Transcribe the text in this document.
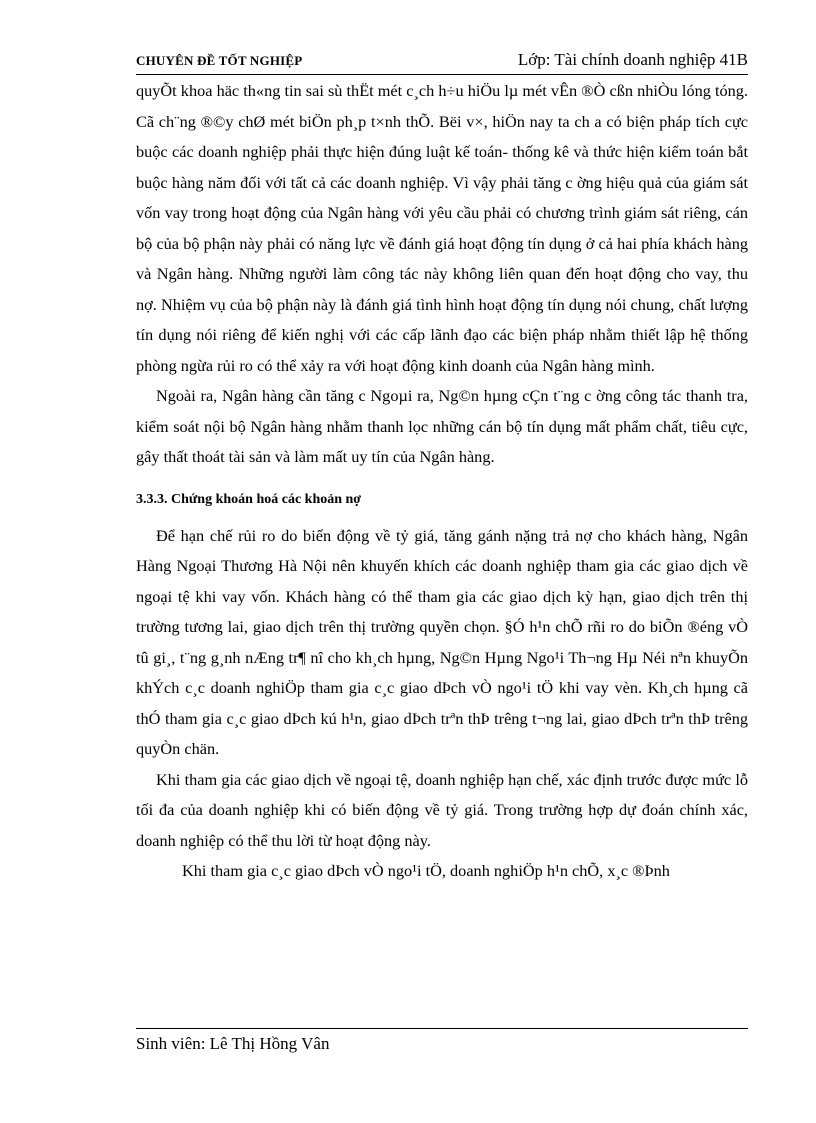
CHUYÊN ĐỀ TỐT NGHIỆP	Lớp: Tài chính doanh nghiệp 41B

quyÕt khoa häc th«ng tin sai sù thËt mét c¸ch h÷u hiÖu lµ mét vÊn ®Ò cßn nhiÒu lóng tóng. Cã ch¨ng ®©y chØ mét biÖn ph¸p t×nh thÕ. Bëi v×, hiÖn nay ta ch a có biện pháp tích cực buộc các doanh nghiệp phải thực hiện đúng luật kế toán- thống kê và thức hiện kiểm toán bắt buộc hàng năm đối với tất cả các doanh nghiệp. Vì vậy phải tăng c ờng hiệu quả của giám sát vốn vay trong hoạt động của Ngân hàng với yêu cầu phải có chương trình giám sát riêng, cán bộ của bộ phận này phải có năng lực về đánh giá hoạt động tín dụng ở cả hai phía khách hàng và Ngân hàng. Những người làm công tác này không liên quan đến hoạt động cho vay, thu nợ. Nhiệm vụ của bộ phận này là đánh giá tình hình hoạt động tín dụng nói chung, chất lượng tín dụng nói riêng để kiến nghị với các cấp lãnh đạo các biện pháp nhằm thiết lập hệ thống phòng ngừa rủi ro có thể xảy ra với hoạt động kinh doanh của Ngân hàng mình.

Ngoài ra, Ngân hàng cần tăng c Ngoµi ra, Ng©n hµng cÇn t¨ng c ờng công tác thanh tra, kiểm soát nội bộ Ngân hàng nhằm thanh lọc những cán bộ tín dụng mất phẩm chất, tiêu cực, gây thất thoát tài sản và làm mất uy tín của Ngân hàng.

3.3.3. Chứng khoán hoá các khoản nợ

Để hạn chế rủi ro do biến động về tỷ giá, tăng gánh nặng trả nợ cho khách hàng, Ngân Hàng Ngoại Thương Hà Nội nên khuyến khích các doanh nghiệp tham gia các giao dịch về ngoại tệ khi vay vốn. Khách hàng có thể tham gia các giao dịch kỳ hạn, giao dịch trên thị trường tương lai, giao dịch trên thị trường quyền chọn. §Ó h¹n chÕ rñi ro do biÕn ®éng vÒ tû gi¸, t¨ng g¸nh nÆng tr¶ nî cho kh¸ch hµng, Ng©n Hµng Ngo¹i Th¬ng Hµ Néi nªn khuyÕn khÝch c¸c doanh nghiÖp tham gia c¸c giao dÞch vÒ ngo¹i tÖ khi vay vèn. Kh¸ch hµng cã thÓ tham gia c¸c giao dÞch kú h¹n, giao dÞch trªn thÞ trêng t¬ng lai, giao dÞch trªn thÞ trêng quyÒn chän.

Khi tham gia các giao dịch về ngoại tệ, doanh nghiệp hạn chế, xác định trước được mức lỗ tối đa của doanh nghiệp khi có biến động về tỷ giá. Trong trường hợp dự đoán chính xác, doanh nghiệp có thể thu lời từ hoạt động này.

Khi tham gia c¸c giao dÞch vÒ ngo¹i tÖ, doanh nghiÖp h¹n chÕ, x¸c ®Þnh

Sinh viên: Lê Thị Hồng Vân
